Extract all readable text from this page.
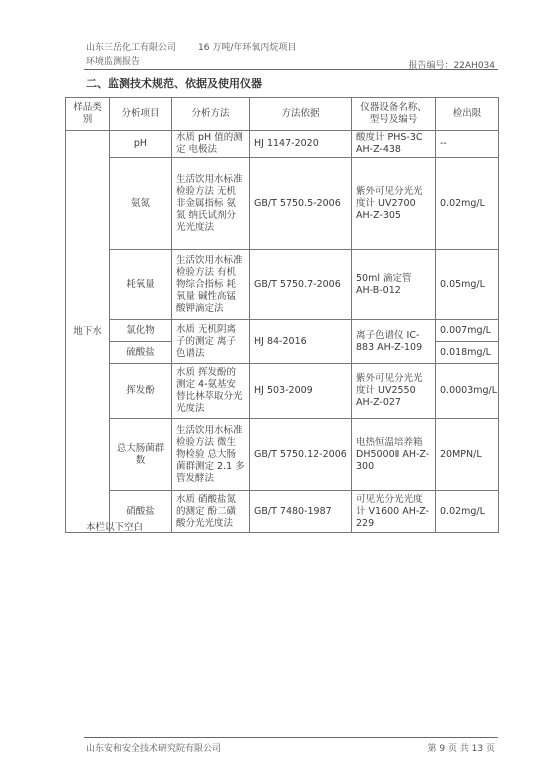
山东三岳化工有限公司 16 万吨/年环氧丙烷项目
环境监测报告	报告编号：22AH034
二、监测技术规范、依据及使用仪器
样品类别	分析项目	分析方法	方法依据	仪器设备名称、型号及编号	检出限
地下水	pH	水质 pH 值的测定 电极法	HJ 1147-2020	酸度计 PHS-3C AH-Z-438	--
	氨氮	生活饮用水标准检验方法 无机非金属指标 氨氮 纳氏试剂分光光度法	GB/T 5750.5-2006	紫外可见分光光度计 UV2700 AH-Z-305	0.02mg/L
	耗氧量	生活饮用水标准检验方法 有机物综合指标 耗氧量 碱性高锰酸钾滴定法	GB/T 5750.7-2006	50ml 滴定管 AH-B-012	0.05mg/L
	氯化物	水质 无机阴离子的测定 离子色谱法	HJ 84-2016	离子色谱仪 IC-883 AH-Z-109	0.007mg/L
	硫酸盐				0.018mg/L
	挥发酚	水质 挥发酚的测定 4-氨基安替比林萃取分光光度法	HJ 503-2009	紫外可见分光光度计 UV2550 AH-Z-027	0.0003mg/L
	总大肠菌群数	生活饮用水标准检验方法 微生物检验 总大肠菌群测定 2.1 多管发酵法	GB/T 5750.12-2006	电热恒温培养箱 DH5000Ⅱ AH-Z-300	20MPN/L
	硝酸盐	水质 硝酸盐氮的测定 酚二磺酸分光光度法	GB/T 7480-1987	可见光分光光度计 V1600 AH-Z-229	0.02mg/L
本栏以下空白
山东安和安全技术研究院有限公司	第 9 页 共 13 页
